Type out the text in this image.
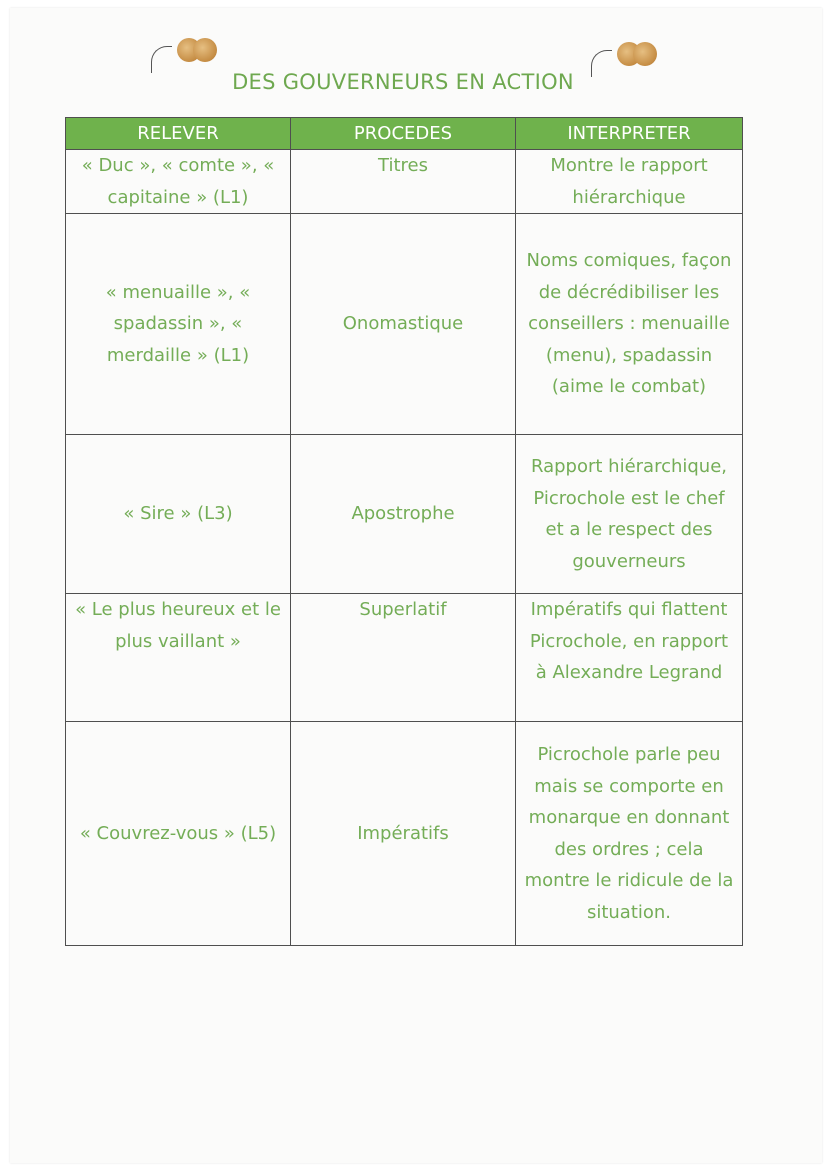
DES GOUVERNEURS EN ACTION
RELEVER	PROCEDES	INTERPRETER
« Duc », « comte », « capitaine » (L1)	Titres	Montre le rapport hiérarchique
« menuaille », « spadassin », « merdaille » (L1)	Onomastique	Noms comiques, façon de décrédibiliser les conseillers : menuaille (menu), spadassin (aime le combat)
« Sire » (L3)	Apostrophe	Rapport hiérarchique, Picrochole est le chef et a le respect des gouverneurs
« Le plus heureux et le plus vaillant »	Superlatif	Impératifs qui flattent Picrochole, en rapport à Alexandre Legrand
« Couvrez-vous » (L5)	Impératifs	Picrochole parle peu mais se comporte en monarque en donnant des ordres ; cela montre le ridicule de la situation.
